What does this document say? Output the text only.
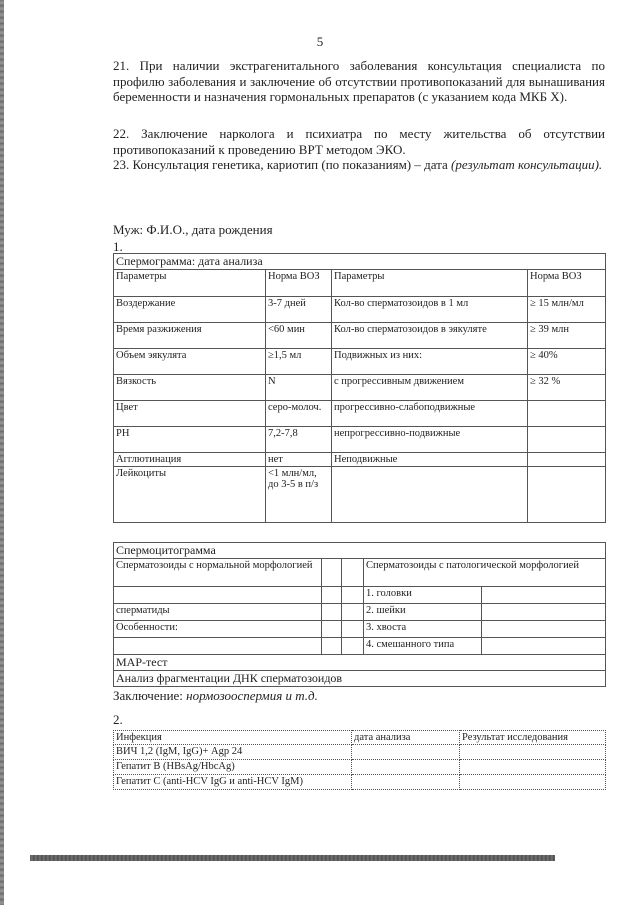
5
21. При наличии экстрагенитального заболевания консультация специалиста по профилю заболевания и заключение об отсутствии противопоказаний для вынашивания беременности и назначения гормональных препаратов (с указанием кода МКБ Х).
22. Заключение нарколога и психиатра по месту жительства об отсутствии противопоказаний к проведению ВРТ методом ЭКО.
23. Консультация генетика, кариотип (по показаниям) – дата (результат консультации).
Муж: Ф.И.О., дата рождения
1.
Спермограмма: дата анализа			
Параметры	Норма ВОЗ	Параметры	Норма ВОЗ
Воздержание	3-7 дней	Кол-во сперматозоидов в 1 мл	≥ 15 млн/мл
Время разжижения	<60 мин	Кол-во сперматозоидов в эякуляте	≥ 39 млн
Объем эякулята	≥1,5 мл	Подвижных из них:	≥ 40%
Вязкость	N	с прогрессивным движением	≥ 32 %
Цвет	серо-молоч.	прогрессивно-слабоподвижные	
PH	7,2-7,8	непрогрессивно-подвижные	
Агглютинация	нет	Неподвижные	
Лейкоциты	<1 млн/мл, до 3-5 в п/з		
Спермоцитограмма				
Сперматозоиды с нормальной морфологией			Сперматозоиды с патологической морфологией	
			1. головки	
сперматиды			2. шейки	
Особенности:			3. хвоста	
			4. смешанного типа	
MAP-тест				
Анализ фрагментации ДНК сперматозоидов				
Заключение: нормозооспермия и т.д.
2.
Инфекция	дата анализа	Результат исследования
ВИЧ 1,2 (IgM, IgG)+ Agp 24		
Гепатит В (HBsAg/HbcAg)		
Гепатит С (anti-HCV IgG и anti-HCV IgM)		
